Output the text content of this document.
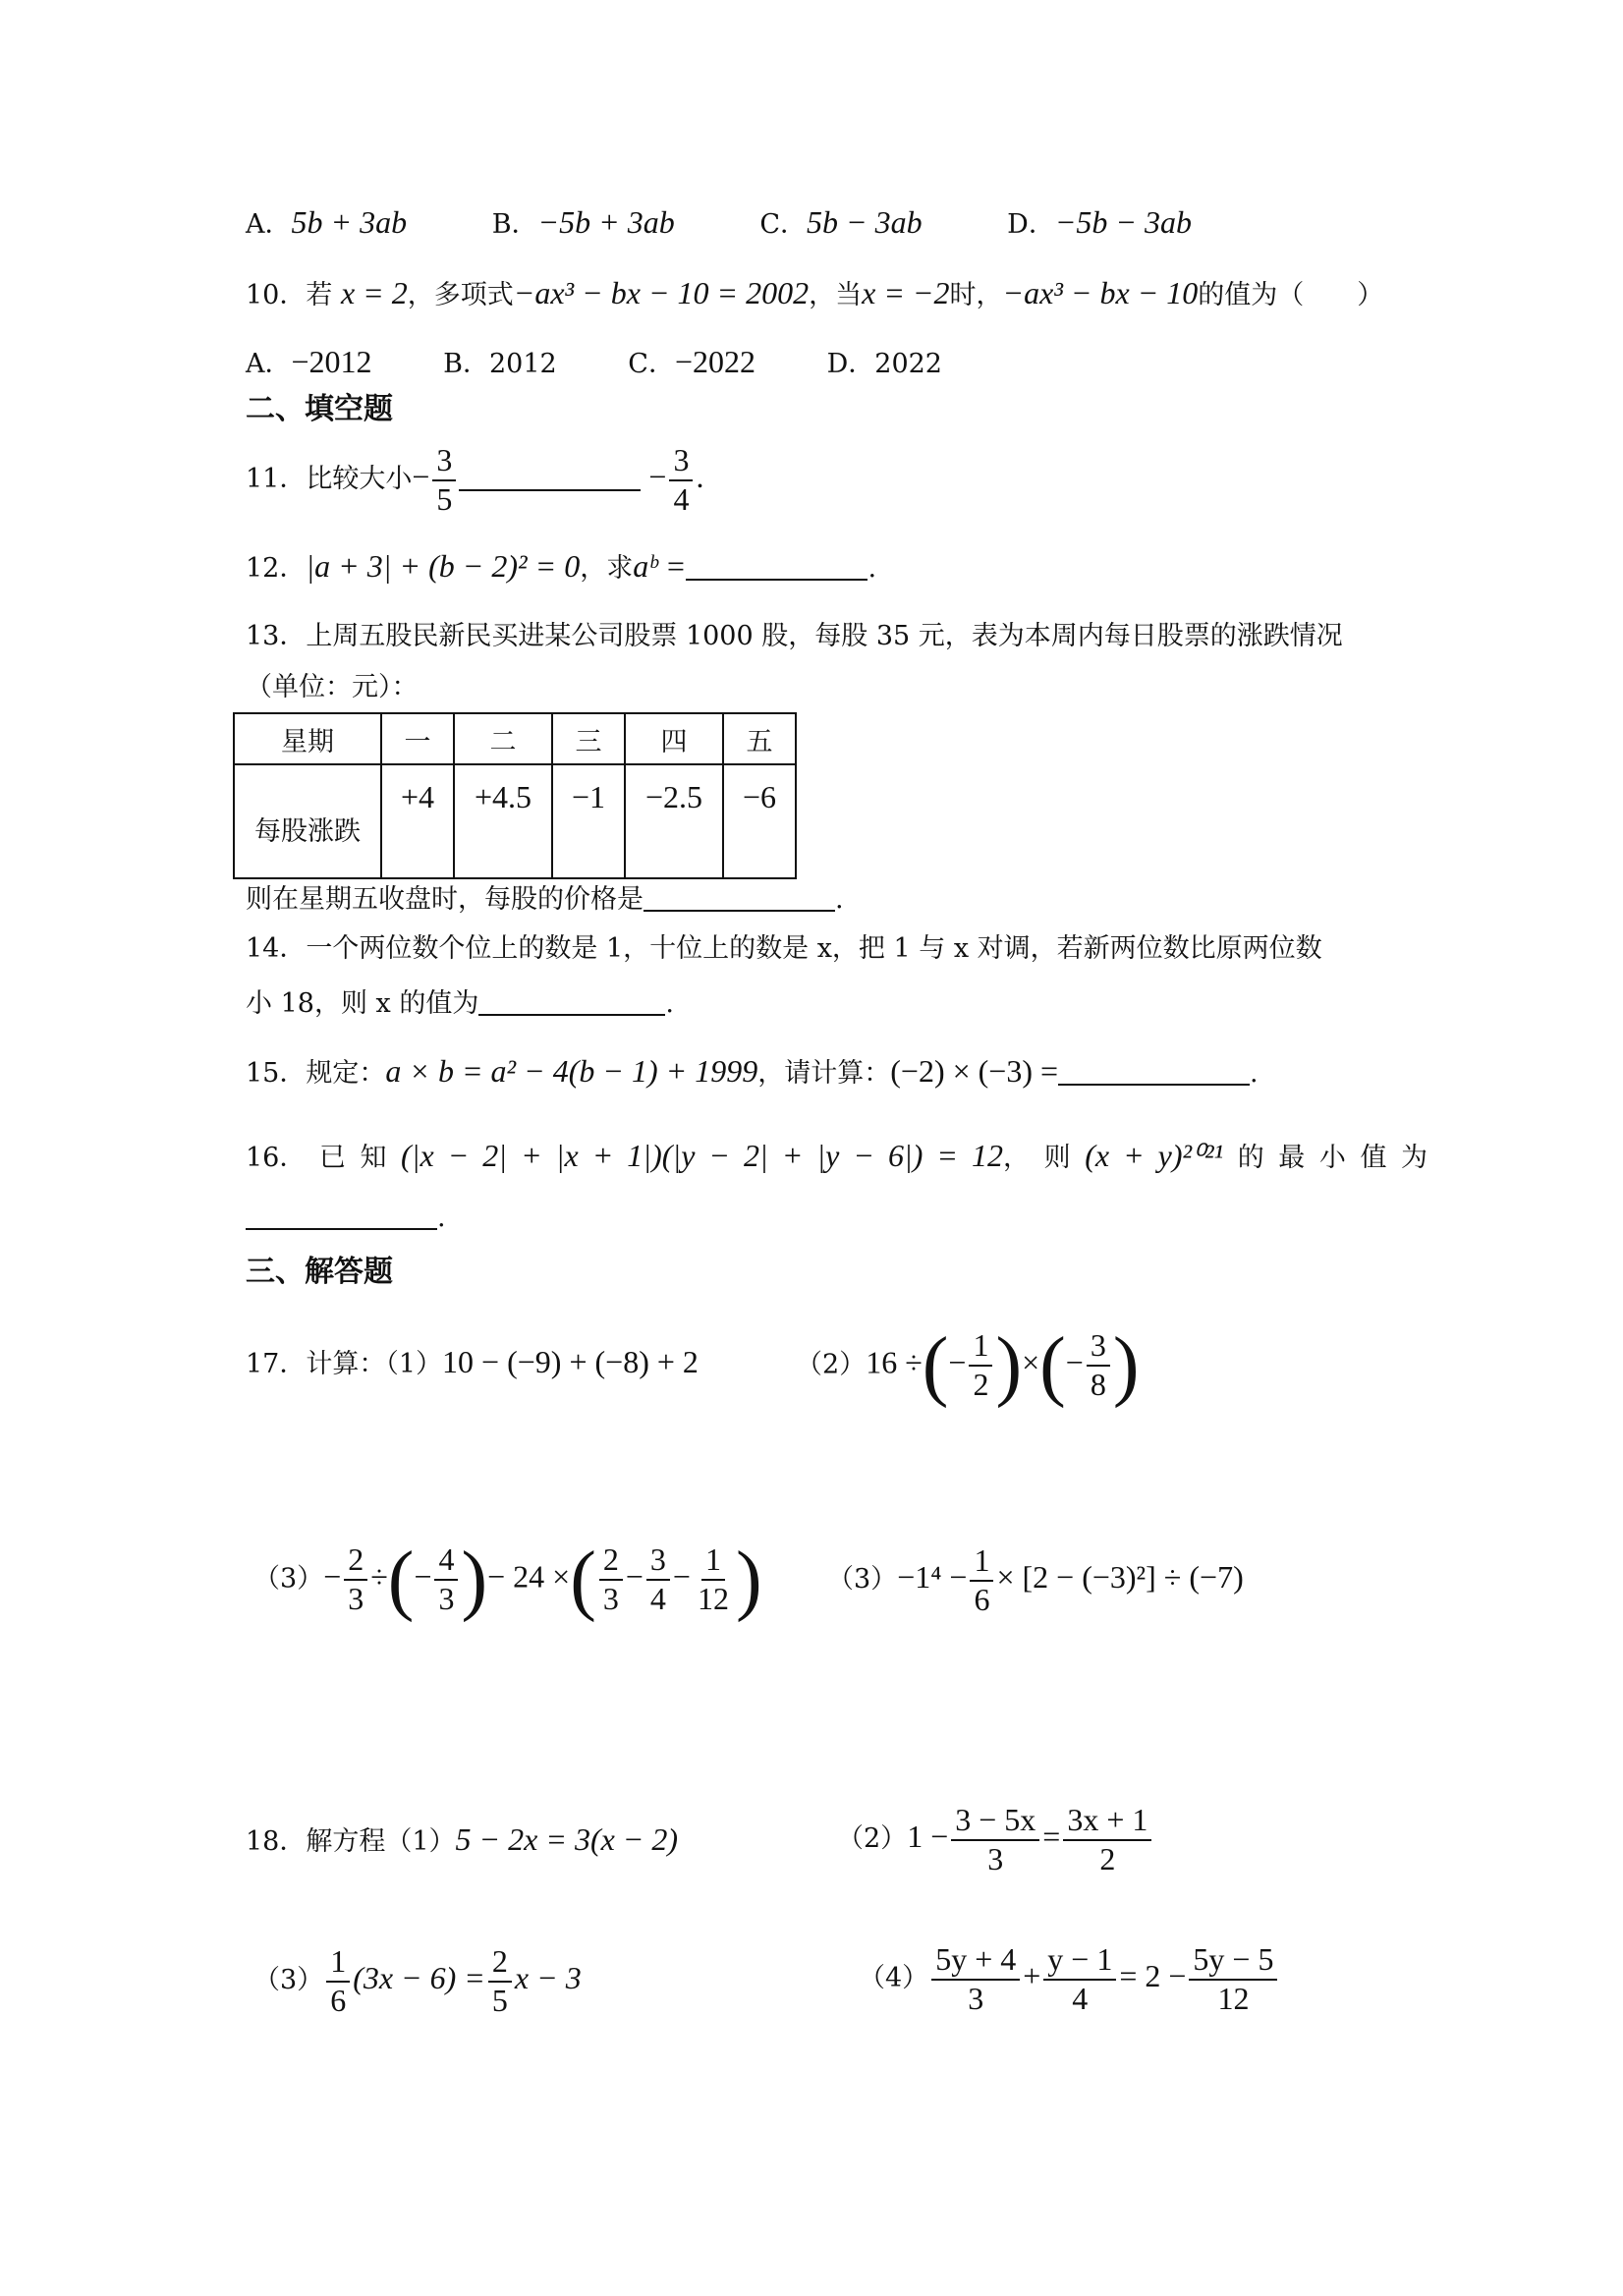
A．5b + 3ab	B．−5b + 3ab	C．5b − 3ab	D．−5b − 3ab
10．若 x = 2，多项式−ax³ − bx − 10 = 2002，当x = −2时，−ax³ − bx − 10的值为（　　）
A．−2012	B．2012	C．−2022	D．2022
二、填空题
11．比较大小− $\frac{3}{5}$	− $\frac{3}{4}$ .
12．|a + 3| + (b − 2)² = 0，求aᵇ =	.
13．上周五股民新民买进某公司股票 1000 股，每股 35 元，表为本周内每日股票的涨跌情况
（单位：元）：
星期	一	二	三	四	五
每股涨跌	+4	+4.5	−1	−2.5	−6
则在星期五收盘时，每股的价格是	.
14．一个两位数个位上的数是 1，十位上的数是 x，把 1 与 x 对调，若新两位数比原两位数
小 18，则 x 的值为	.
15．规定：a × b = a² − 4(b − 1) + 1999，请计算：(−2) × (−3) =	.
16．　 已 知 (|x − 2| + |x + 1|)(|y − 2| + |y − 6|) = 12， 则 (x + y)²⁰²¹ 的 最 小 值 为
.
三、解答题
17．计算：（1）10 − (−9) + (−8) + 2	（2）16 ÷(− $\frac{1}{2}$ )×(− $\frac{3}{8}$ )
$(3)- \frac{2}{3}$ ÷(− $\frac{4}{3}$ )− 24 ×( $\frac{2}{3} - \frac{3}{4} - \frac{1}{12}$ ) $(3)-1^4 - \frac{1}{6} \times [2 - (-3)^2] \div (-7)$
18．解方程（1）5 − 2x = 3(x − 2)	$(2)1 - \frac{3 - 5x}{3} = \frac{3x + 1}{2}$
$(3) \frac{1}{6} (3x - 6) = \frac{2}{5}$ x − 3	$(4) \frac{5y + 4}{3} + \frac{y - 1}{4} = 2 - \frac{5y - 5}{12}$
